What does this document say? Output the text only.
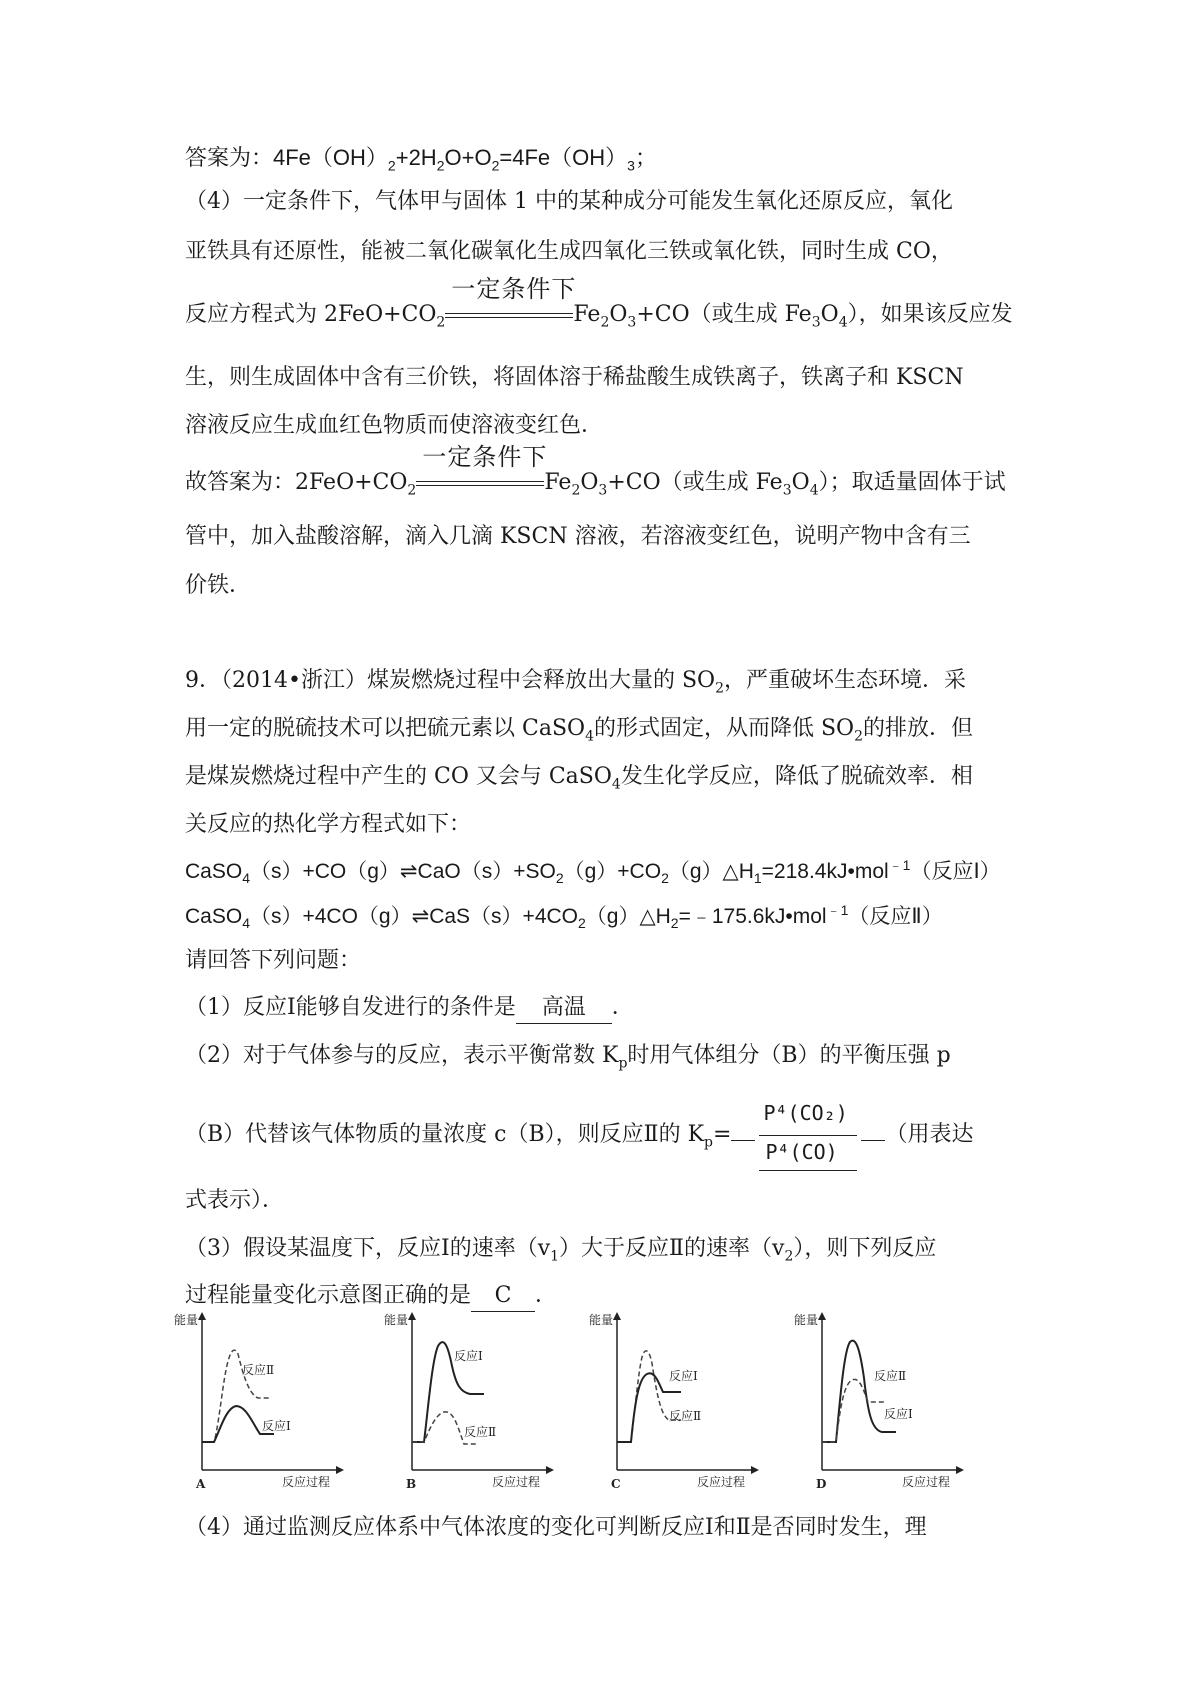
答案为：$4Fe(OH)_2+2H_2O+O_2=4Fe(OH)_3$；
（4）一定条件下，气体甲与固体 1 中的某种成分可能发生氧化还原反应，氧化
亚铁具有还原性，能被二氧化碳氧化生成四氧化三铁或氧化铁，同时生成 CO，
反应方程式为 $2FeO+CO_2$
一定条件下
$Fe_2O_3+CO$（或生成 $Fe_3O_4$），如果该反应发
生，则生成固体中含有三价铁，将固体溶于稀盐酸生成铁离子，铁离子和 KSCN
溶液反应生成血红色物质而使溶液变红色．
故答案为：$2FeO+CO_2$
一定条件下
$Fe_2O_3+CO$（或生成 $Fe_3O_4$）；取适量固体于试
管中，加入盐酸溶解，滴入几滴 KSCN 溶液，若溶液变红色，说明产物中含有三
价铁．
9．（2014•浙江）煤炭燃烧过程中会释放出大量的 $SO_2$，严重破坏生态环境．采
用一定的脱硫技术可以把硫元素以 CaSO$_4$的形式固定，从而降低 $SO_2$的排放．但
是煤炭燃烧过程中产生的 CO 又会与 CaSO$_4$发生化学反应，降低了脱硫效率．相
关反应的热化学方程式如下：
$CaSO_4(s)+CO(g)\rightleftharpoons CaO(s)+SO_2(g)+CO_2(g)\triangle H_1=218.4kJ•mol^{﹣1}$（反应Ⅰ）
$CaSO_4(s)+4CO(g)\rightleftharpoons CaS(s)+4CO_2(g)\triangle H_2=﹣175.6kJ•mol^{﹣1}$（反应Ⅱ）
请回答下列问题：
（1）反应Ⅰ能够自发进行的条件是 高温 ．
（2）对于气体参与的反应，表示平衡常数 $K_p$时用气体组分（B）的平衡压强 p
（B）代替该气体物质的量浓度 c（B），则反应Ⅱ的 $K_p= \frac{\text{P⁴(CO₂)}}{\text{P⁴(CO)}}$ （用表达
式表示）．
（3）假设某温度下，反应Ⅰ的速率$(v_1)$大于反应Ⅱ的速率$(v_2)$，则下列反应
过程能量变化示意图正确的是 C ．
能量
反应过程
A
反应Ⅱ
反应Ⅰ
能量
反应过程
B
反应Ⅰ
反应Ⅱ
能量
反应过程
C
反应Ⅰ
反应Ⅱ
能量
反应过程
D
反应Ⅱ
反应Ⅰ
（4）通过监测反应体系中气体浓度的变化可判断反应Ⅰ和Ⅱ是否同时发生，理
